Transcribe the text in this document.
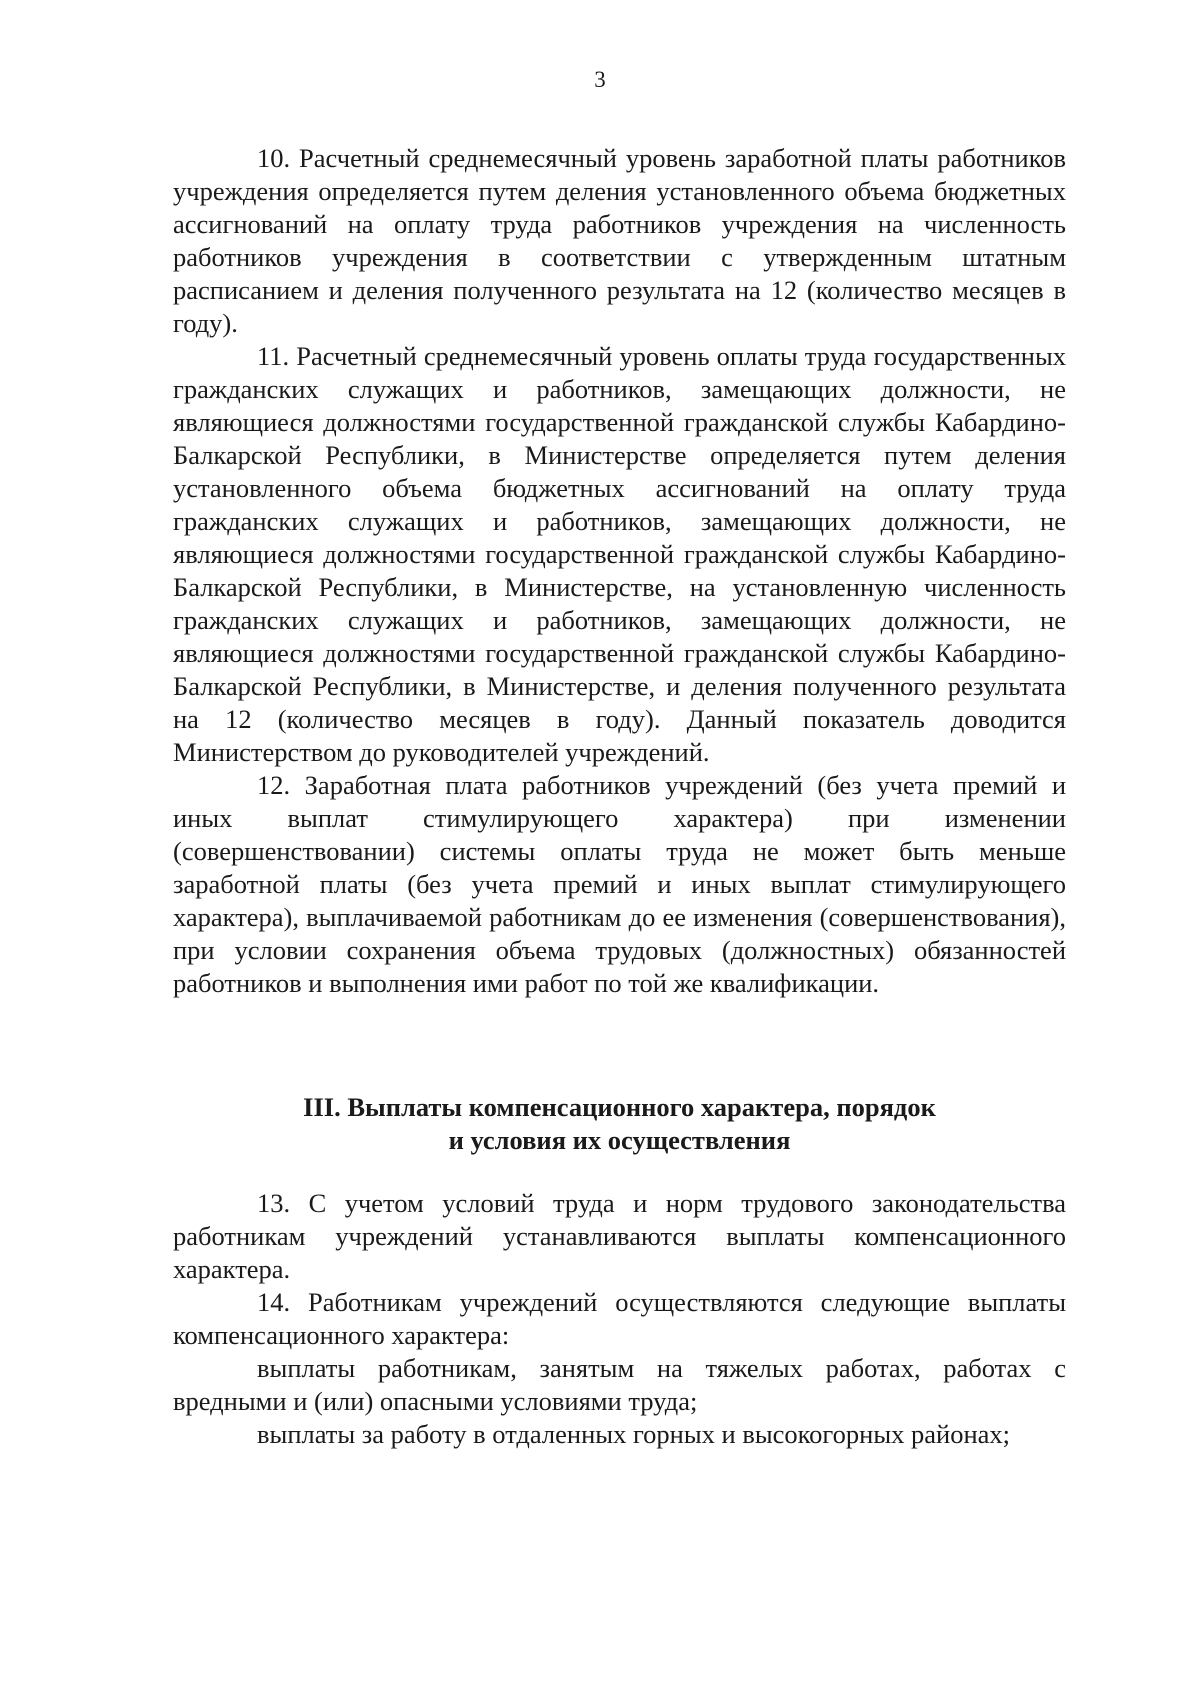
3

10. Расчетный среднемесячный уровень заработной платы работников учреждения определяется путем деления установленного объема бюджетных ассигнований на оплату труда работников учреждения на численность работников учреждения в соответствии с утвержденным штатным расписанием и деления полученного результата на 12 (количество месяцев в году).

11. Расчетный среднемесячный уровень оплаты труда государственных гражданских служащих и работников, замещающих должности, не являющиеся должностями государственной гражданской службы Кабардино-Балкарской Республики, в Министерстве определяется путем деления установленного объема бюджетных ассигнований на оплату труда гражданских служащих и работников, замещающих должности, не являющиеся должностями государственной гражданской службы Кабардино-Балкарской Республики, в Министерстве, на установленную численность гражданских служащих и работников, замещающих должности, не являющиеся должностями государственной гражданской службы Кабардино-Балкарской Республики, в Министерстве, и деления полученного результата на 12 (количество месяцев в году). Данный показатель доводится Министерством до руководителей учреждений.

12. Заработная плата работников учреждений (без учета премий и иных выплат стимулирующего характера) при изменении (совершенствовании) системы оплаты труда не может быть меньше заработной платы (без учета премий и иных выплат стимулирующего характера), выплачиваемой работникам до ее изменения (совершенствования), при условии сохранения объема трудовых (должностных) обязанностей работников и выполнения ими работ по той же квалификации.

III. Выплаты компенсационного характера, порядок
и условия их осуществления

13. С учетом условий труда и норм трудового законодательства работникам учреждений устанавливаются выплаты компенсационного характера.

14. Работникам учреждений осуществляются следующие выплаты компенсационного характера:

выплаты работникам, занятым на тяжелых работах, работах с вредными и (или) опасными условиями труда;

выплаты за работу в отдаленных горных и высокогорных районах;
